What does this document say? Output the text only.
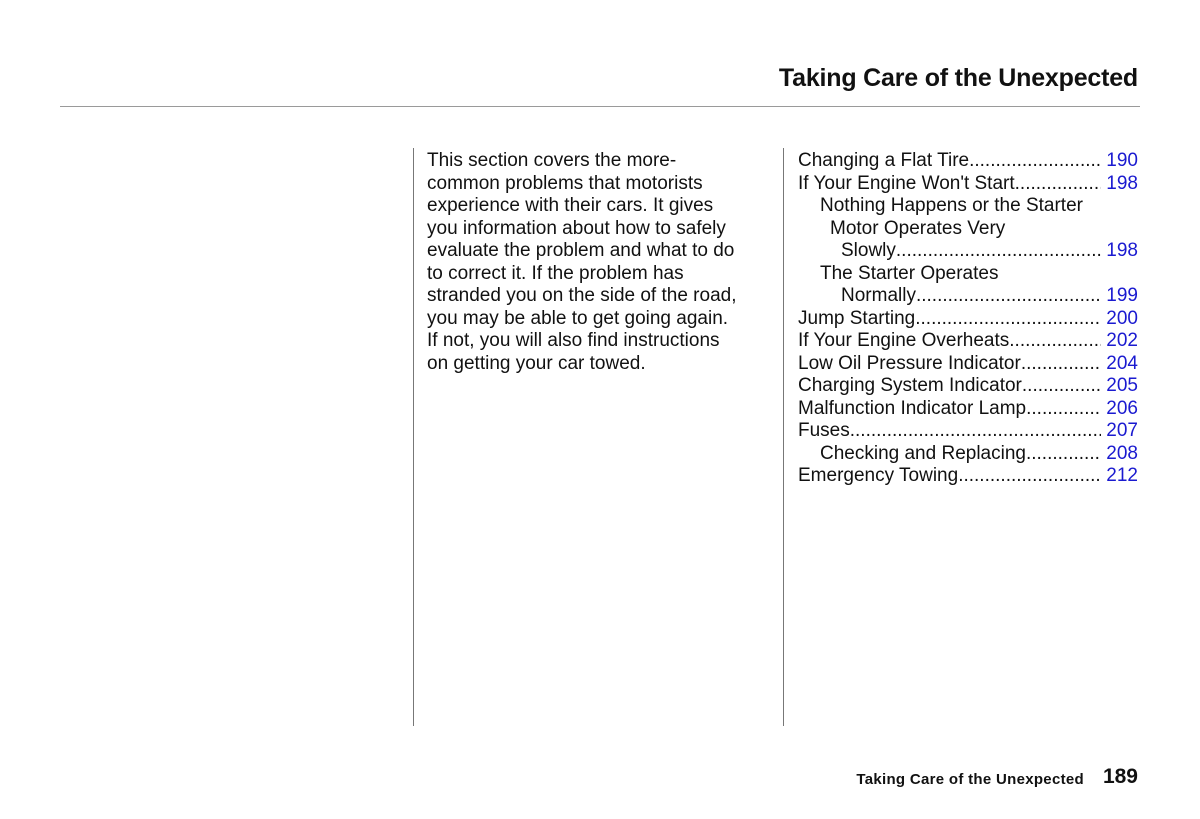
Taking Care of the Unexpected
This section covers the more-
common problems that motorists
experience with their cars. It gives
you information about how to safely
evaluate the problem and what to do
to correct it. If the problem has
stranded you on the side of the road,
you may be able to get going again.
If not, you will also find instructions
on getting your car towed.
Changing a Flat Tire .....	190
If Your Engine Won't Start .....	198
Nothing Happens or the Starter
Motor Operates Very
Slowly .....	198
The Starter Operates
Normally .....	199
Jump Starting .....	200
If Your Engine Overheats .....	202
Low Oil Pressure Indicator .....	204
Charging System Indicator .....	205
Malfunction Indicator Lamp .....	206
Fuses .....	207
Checking and Replacing .....	208
Emergency Towing .....	212
Taking Care of the Unexpected 189
